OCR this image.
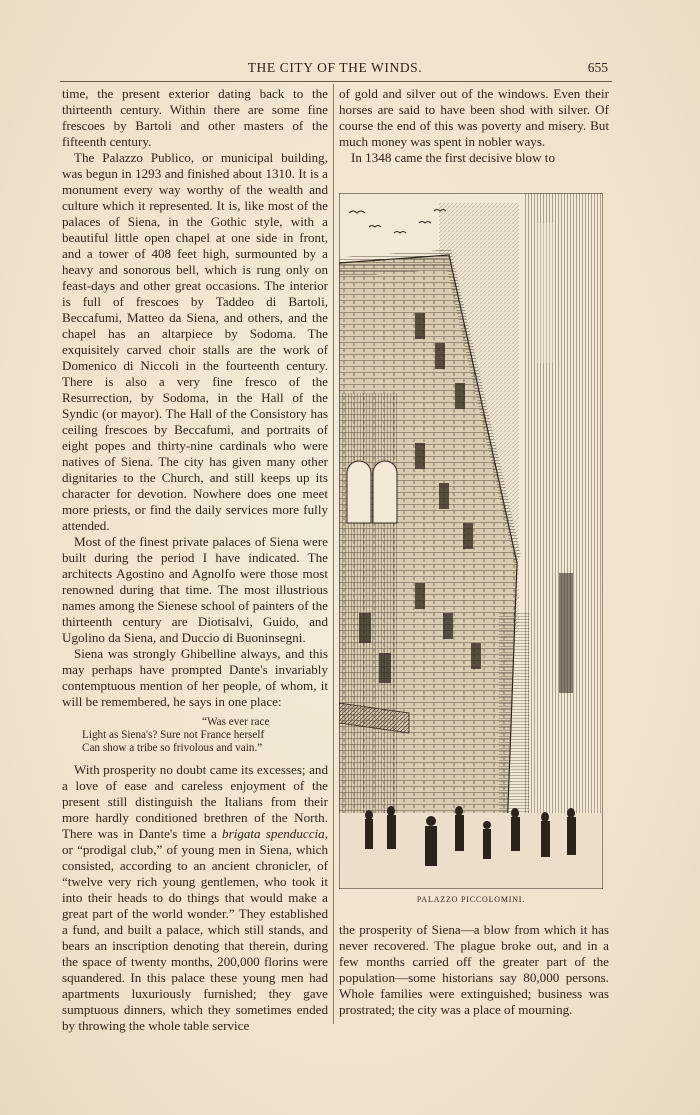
THE CITY OF THE WINDS.	655

time, the present exterior dating back to the thirteenth century. Within there are some fine frescoes by Bartoli and other masters of the fifteenth century.

The Palazzo Publico, or municipal building, was begun in 1293 and finished about 1310. It is a monument every way worthy of the wealth and culture which it represented. It is, like most of the palaces of Siena, in the Gothic style, with a beautiful little open chapel at one side in front, and a tower of 408 feet high, surmounted by a heavy and sonorous bell, which is rung only on feast-days and other great occasions. The interior is full of frescoes by Taddeo di Bartoli, Beccafumi, Matteo da Siena, and others, and the chapel has an altarpiece by Sodoma. The exquisitely carved choir stalls are the work of Domenico di Niccoli in the fourteenth century. There is also a very fine fresco of the Resurrection, by Sodoma, in the Hall of the Syndic (or mayor). The Hall of the Consistory has ceiling frescoes by Beccafumi, and portraits of eight popes and thirty-nine cardinals who were natives of Siena. The city has given many other dignitaries to the Church, and still keeps up its character for devotion. Nowhere does one meet more priests, or find the daily services more fully attended.

Most of the finest private palaces of Siena were built during the period I have indicated. The architects Agostino and Agnolfo were those most renowned during that time. The most illustrious names among the Sienese school of painters of the thirteenth century are Diotisalvi, Guido, and Ugolino da Siena, and Duccio di Buoninsegni.

Siena was strongly Ghibelline always, and this may perhaps have prompted Dante's invariably contemptuous mention of her people, of whom, it will be remembered, he says in one place:

“Was ever race
Light as Siena's? Sure not France herself
Can show a tribe so frivolous and vain.”

With prosperity no doubt came its excesses; and a love of ease and careless enjoyment of the present still distinguish the Italians from their more hardly conditioned brethren of the North. There was in Dante's time a brigata spenduccia, or “prodigal club,” of young men in Siena, which consisted, according to an ancient chronicler, of “twelve very rich young gentlemen, who took it into their heads to do things that would make a great part of the world wonder.” They established a fund, and built a palace, which still stands, and bears an inscription denoting that therein, during the space of twenty months, 200,000 florins were squandered. In this palace these young men had apartments luxuriously furnished; they gave sumptuous dinners, which they sometimes ended by throwing the whole table service

of gold and silver out of the windows. Even their horses are said to have been shod with silver. Of course the end of this was poverty and misery. But much money was spent in nobler ways.

In 1348 came the first decisive blow to

PALAZZO PICCOLOMINI.

the prosperity of Siena—a blow from which it has never recovered. The plague broke out, and in a few months carried off the greater part of the population—some historians say 80,000 persons. Whole families were extinguished; business was prostrated; the city was a place of mourning.
